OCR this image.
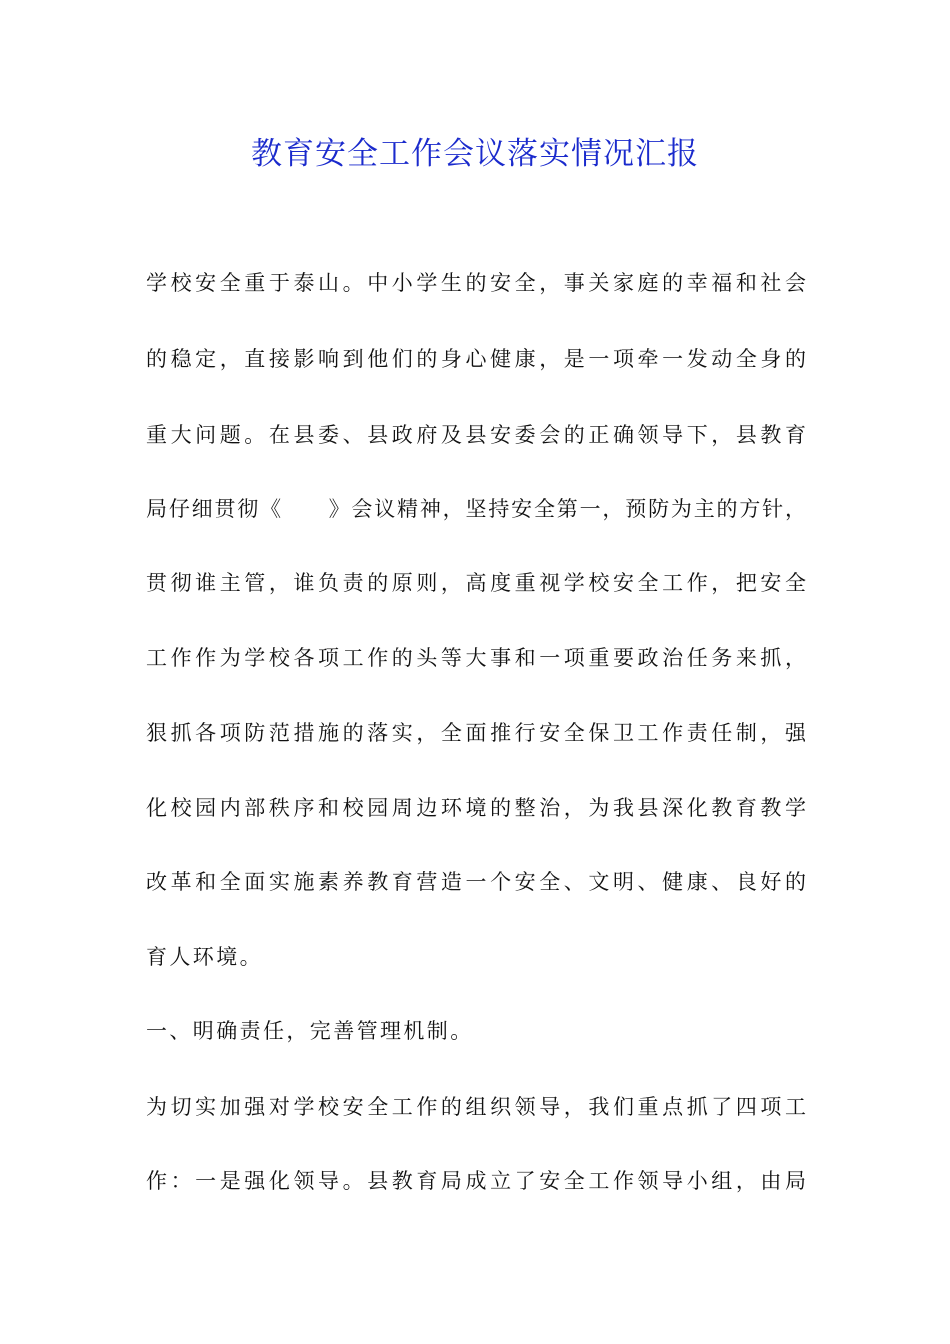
教育安全工作会议落实情况汇报

学校安全重于泰山。中小学生的安全，事关家庭的幸福和社会

的稳定，直接影响到他们的身心健康，是一项牵一发动全身的

重大问题。在县委、县政府及县安委会的正确领导下，县教育

局仔细贯彻《　　》会议精神，坚持安全第一，预防为主的方针，

贯彻谁主管，谁负责的原则，高度重视学校安全工作，把安全

工作作为学校各项工作的头等大事和一项重要政治任务来抓，

狠抓各项防范措施的落实，全面推行安全保卫工作责任制，强

化校园内部秩序和校园周边环境的整治，为我县深化教育教学

改革和全面实施素养教育营造一个安全、文明、健康、良好的

育人环境。

一、明确责任，完善管理机制。

为切实加强对学校安全工作的组织领导，我们重点抓了四项工

作：一是强化领导。县教育局成立了安全工作领导小组，由局
